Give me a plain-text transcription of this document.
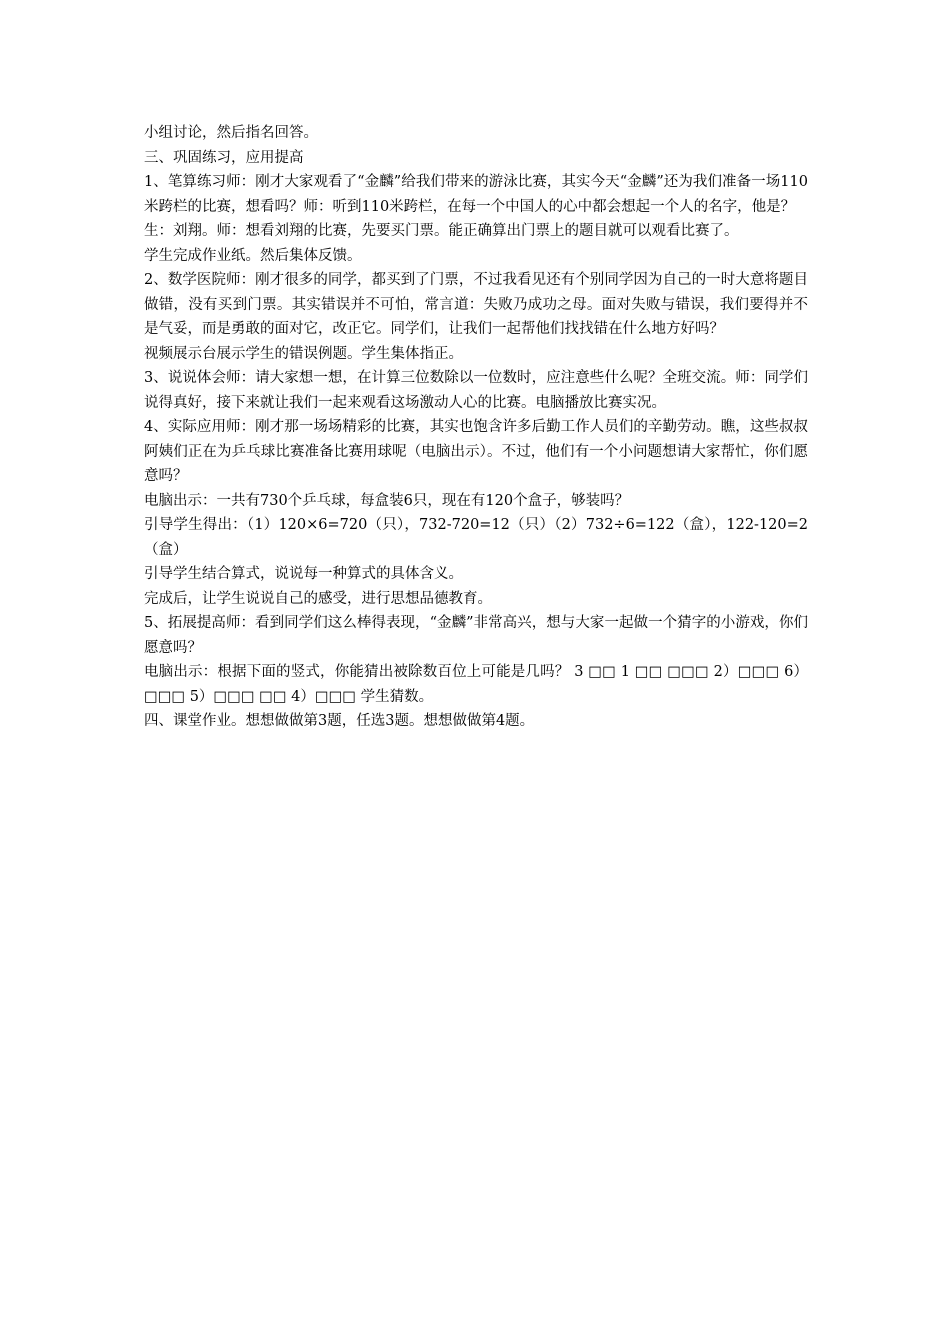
小组讨论，然后指名回答。

三、巩固练习，应用提高

1、笔算练习师：刚才大家观看了“金麟”给我们带来的游泳比赛，其实今天“金麟”还为我们准备一场110米跨栏的比赛，想看吗？师：听到110米跨栏，在每一个中国人的心中都会想起一个人的名字，他是？

生：刘翔。师：想看刘翔的比赛，先要买门票。能正确算出门票上的题目就可以观看比赛了。

学生完成作业纸。然后集体反馈。

2、数学医院师：刚才很多的同学，都买到了门票，不过我看见还有个别同学因为自己的一时大意将题目做错，没有买到门票。其实错误并不可怕，常言道：失败乃成功之母。面对失败与错误，我们要得并不是气妥，而是勇敢的面对它，改正它。同学们，让我们一起帮他们找找错在什么地方好吗？

视频展示台展示学生的错误例题。学生集体指正。

3、说说体会师：请大家想一想，在计算三位数除以一位数时，应注意些什么呢？全班交流。师：同学们说得真好，接下来就让我们一起来观看这场激动人心的比赛。电脑播放比赛实况。

4、实际应用师：刚才那一场场精彩的比赛，其实也饱含许多后勤工作人员们的辛勤劳动。瞧，这些叔叔阿姨们正在为乒乓球比赛准备比赛用球呢（电脑出示）。不过，他们有一个小问题想请大家帮忙，你们愿意吗？

电脑出示：一共有730个乒乓球，每盒装6只，现在有120个盒子，够装吗？

引导学生得出：（1）120×6=720（只），732-720=12（只）（2）732÷6=122（盒），122-120=2（盒）

引导学生结合算式，说说每一种算式的具体含义。

完成后，让学生说说自己的感受，进行思想品德教育。

5、拓展提高师：看到同学们这么棒得表现，“金麟”非常高兴，想与大家一起做一个猜字的小游戏，你们愿意吗？

电脑出示：根据下面的竖式，你能猜出被除数百位上可能是几吗？ 3 □□ 1 □□ □□□ 2）□□□ 6）□□□ 5）□□□ □□ 4）□□□ 学生猜数。

四、课堂作业。想想做做第3题，任选3题。想想做做第4题。
